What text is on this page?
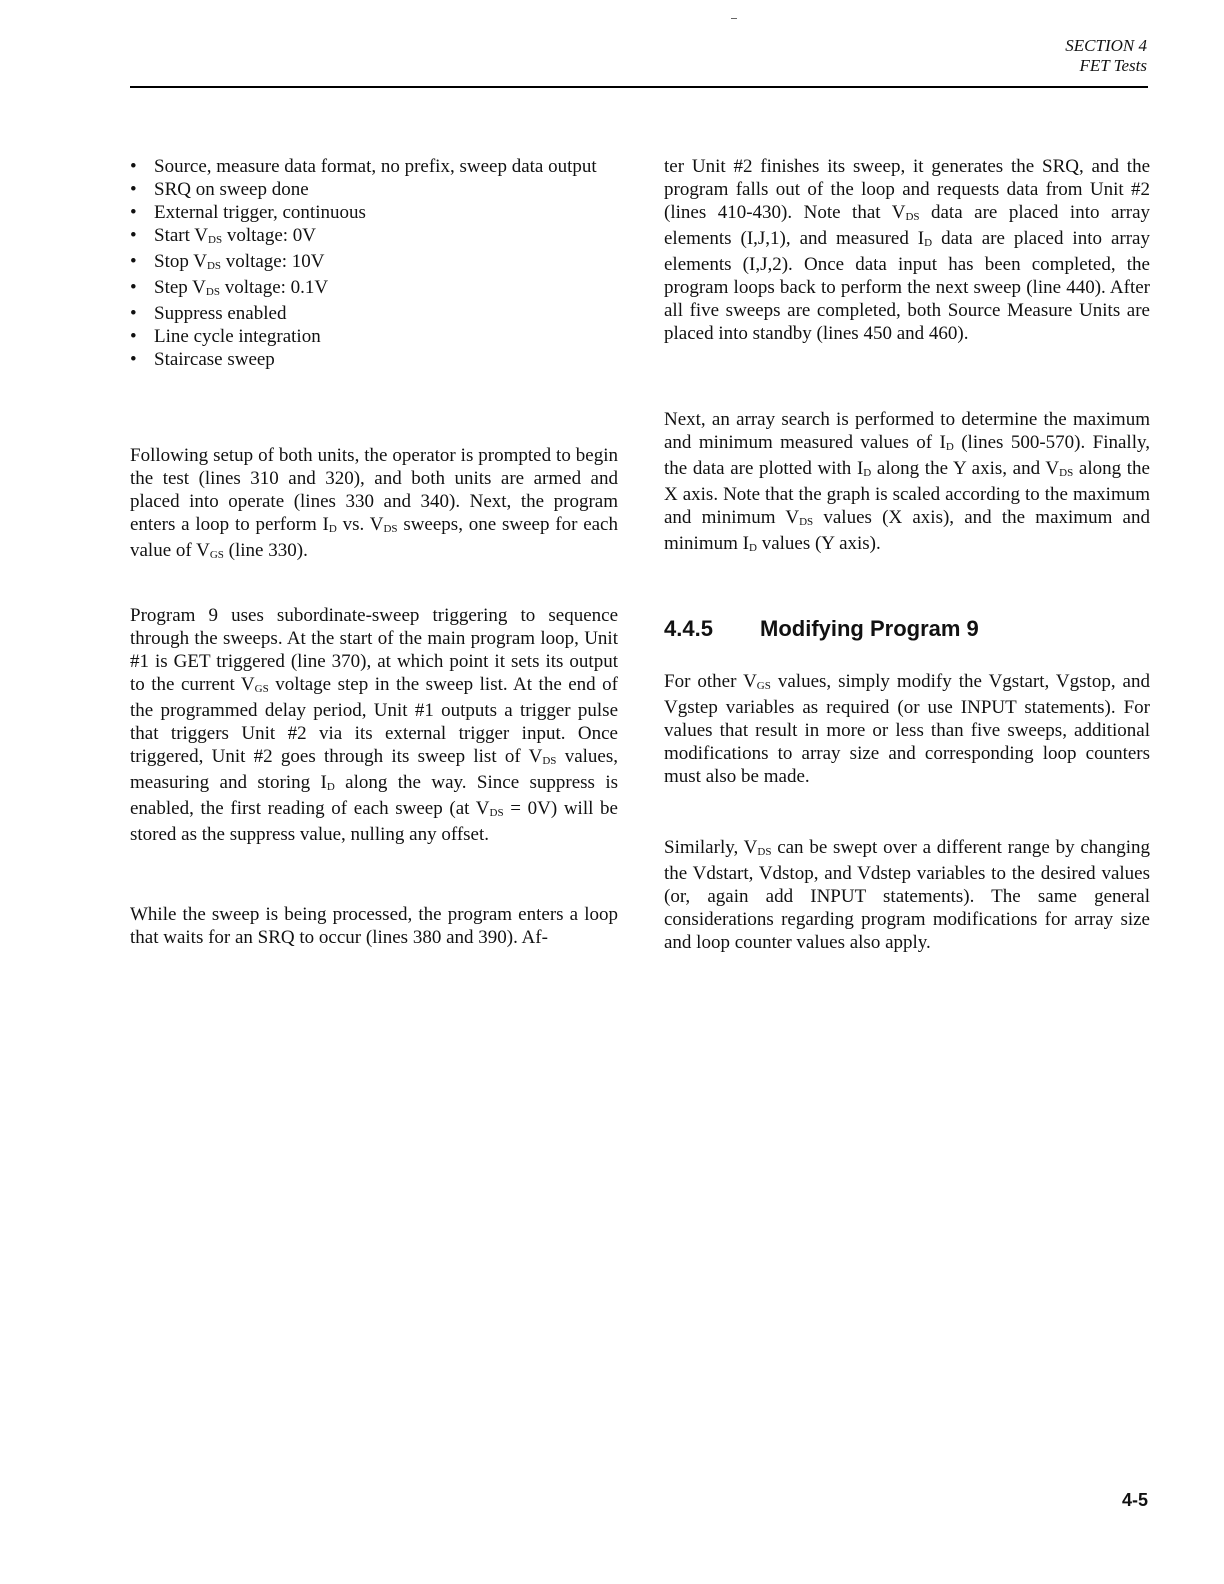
SECTION 4
FET Tests
• Source, measure data format, no prefix, sweep data output
• SRQ on sweep done
• External trigger, continuous
• Start $V_{DS}$ voltage: 0V
• Stop $V_{DS}$ voltage: 10V
• Step $V_{DS}$ voltage: 0.1V
• Suppress enabled
• Line cycle integration
• Staircase sweep

Following setup of both units, the operator is prompted to begin the test (lines 310 and 320), and both units are armed and placed into operate (lines 330 and 340). Next, the program enters a loop to perform $I_D$ vs. $V_{DS}$ sweeps, one sweep for each value of $V_{GS}$ (line 330).

Program 9 uses subordinate-sweep triggering to sequence through the sweeps. At the start of the main program loop, Unit #1 is GET triggered (line 370), at which point it sets its output to the current $V_{GS}$ voltage step in the sweep list. At the end of the programmed delay period, Unit #1 outputs a trigger pulse that triggers Unit #2 via its external trigger input. Once triggered, Unit #2 goes through its sweep list of $V_{DS}$ values, measuring and storing $I_D$ along the way. Since suppress is enabled, the first reading of each sweep (at $V_{DS} = 0V$) will be stored as the suppress value, nulling any offset.

While the sweep is being processed, the program enters a loop that waits for an SRQ to occur (lines 380 and 390). Af-

ter Unit #2 finishes its sweep, it generates the SRQ, and the program falls out of the loop and requests data from Unit #2 (lines 410-430). Note that $V_{DS}$ data are placed into array elements (I,J,1), and measured $I_D$ data are placed into array elements (I,J,2). Once data input has been completed, the program loops back to perform the next sweep (line 440). After all five sweeps are completed, both Source Measure Units are placed into standby (lines 450 and 460).

Next, an array search is performed to determine the maximum and minimum measured values of $I_D$ (lines 500-570). Finally, the data are plotted with $I_D$ along the Y axis, and $V_{DS}$ along the X axis. Note that the graph is scaled according to the maximum and minimum $V_{DS}$ values (X axis), and the maximum and minimum $I_D$ values (Y axis).

4.4.5 Modifying Program 9

For other $V_{GS}$ values, simply modify the Vgstart, Vgstop, and Vgstep variables as required (or use INPUT statements). For values that result in more or less than five sweeps, additional modifications to array size and corresponding loop counters must also be made.

Similarly, $V_{DS}$ can be swept over a different range by changing the Vdstart, Vdstop, and Vdstep variables to the desired values (or, again add INPUT statements). The same general considerations regarding program modifications for array size and loop counter values also apply.

4-5
